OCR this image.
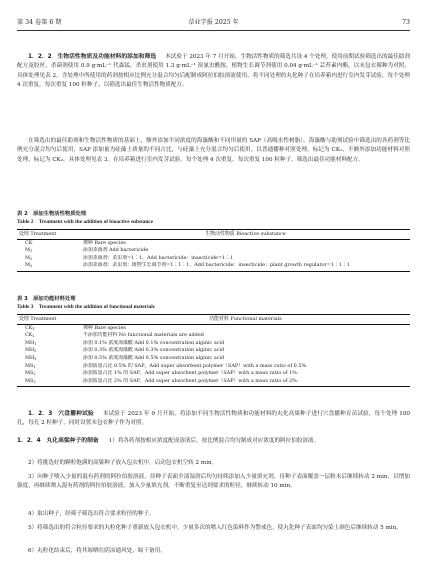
第 34 卷第 6 期	草业学报 2025 年	73

1．2．2　生物活性物质及功能材料的添加和筛选 本试验于 2023 年 7 月开始。生物活性物质的筛选共设 4 个处理，使用前期试验筛选出的最佳助剂配方及胶丝，杀菌剂使用 0.9 g·mL⁻¹ 代森锰，杀虫剂使用 1.3 g·mL⁻¹ 溴氰虫酰胺，植物生长调节剂使用 0.04 g·mL⁻¹ 芸苔素内酯，以未包衣裸种为对照，具体处理见表 2。含处理中所使用的药剂按相应比例充分混合均匀后配制成阿拉伯胶溶液使用。将不同处理的丸化种子在培养箱内进行室内发芽试验，每个处理 4 次重复，每次重复 100 粒种子，以筛选出最佳生物活性物质配方。

在筛选出的最佳助剂和生物活性物质的基础上，额外添加不同浓度的海藻酸和不同用量的 SAP（高吸水性树脂），海藻酸与助剂试验中筛选出的各药剂等比例充分混合均匀后使用，SAP 添加量为硅藻土质量的不同占比，与硅藻土充分混合均匀后使用。以普通播种对照处理，标记为 CK₁，不额外添加功能材料对照处理，标记为 CK₂，具体处理见表 3。在培养箱进行室内发芽试验，每个处理 4 次重复，每次重复 100 粒种子，筛选出最佳功能材料配方。

表 2　添加生物活性物质处理
Table 2　Treatment with the addition of bioactive substance
处理 Treatment	生物活性物质 Bioactive substance
CK	裸种 Bare species
$M_1$	添加杀菌剂 Add bactericide
$M_2$	添加杀菌剂：杀虫剂=1∶1，Add bactericide：insecticide=1∶1
$M_3$	添加杀菌剂：杀虫剂：植物生长调节剂=1∶1∶1，Add bactericide：insecticide：plant growth regulator=1∶1∶1
表 3　添加功能材料处理
Table 3　Treatment with the addition of functional materials
处理 Treatment	功能材料 Functional materials
$CK_1$	裸种 Bare species
$CK_2$	不添加功能材料 No functional materials are added
$MH_1$	添加 0.1% 浓度海藻酸 Add 0.1% concentration alginic acid
$MH_2$	添加 0.3% 浓度海藻酸 Add 0.3% concentration alginic acid
$MH_3$	添加 0.5% 浓度海藻酸 Add 0.5% concentration alginic acid
$MS_1$	添加质量占比 0.5% 的 SAP，Add super absorbent polymer（SAP）with a mass ratio of 0.5%.
$MS_2$	添加质量占比 1% 的 SAP，Add super absorbent polymer（SAP）with a mass ratio of 1%.
$MS_3$	添加质量占比 2% 的 SAP，Add super absorbent polymer（SAP）with a mass ratio of 2%.

1．2．3　穴盘播种试验 本试验于 2023 年 9 月开始，将添加不同生物活性物质和功能材料的丸化高粱种子进行穴盘播种育苗试验，每个处理 100 孔，每孔 2 粒种子，同时设置未包衣种子作为对照。

1．2．4　丸化高粱种子的制备 1）将各药剂按相应浓度配成溶液后，按比例混合均匀制成对应浓度的阿拉伯胶溶液。

2）将挑选好的颗粒饱满的高粱种子放入包衣机中，启动包衣机空转 2 min。

3）向种子喷入少量的混有药剂的阿拉伯胶溶液，待种子表面全部湿润后均匀持续添加入少量填充剂，待种子表面覆盖一层粉末后继续转动 2 min，以增加强度，再继续喷入混有药剂的阿拉伯胶溶液，加入少量填充剂，不断重复至达到要求的粒径，继续转动 10 min。

4）取出种子，经筛子筛选出符合要求粒径的种子。

5）将筛选出的符合粒径要求的丸粒化种子重新放入包衣机中，少量多次的喷入红色染料作为警戒色，使丸化种子表面均匀染上颜色后继续转动 5 min。

6）丸粒化结束后，将其晾晒在阴凉通风处，晾干备用。
